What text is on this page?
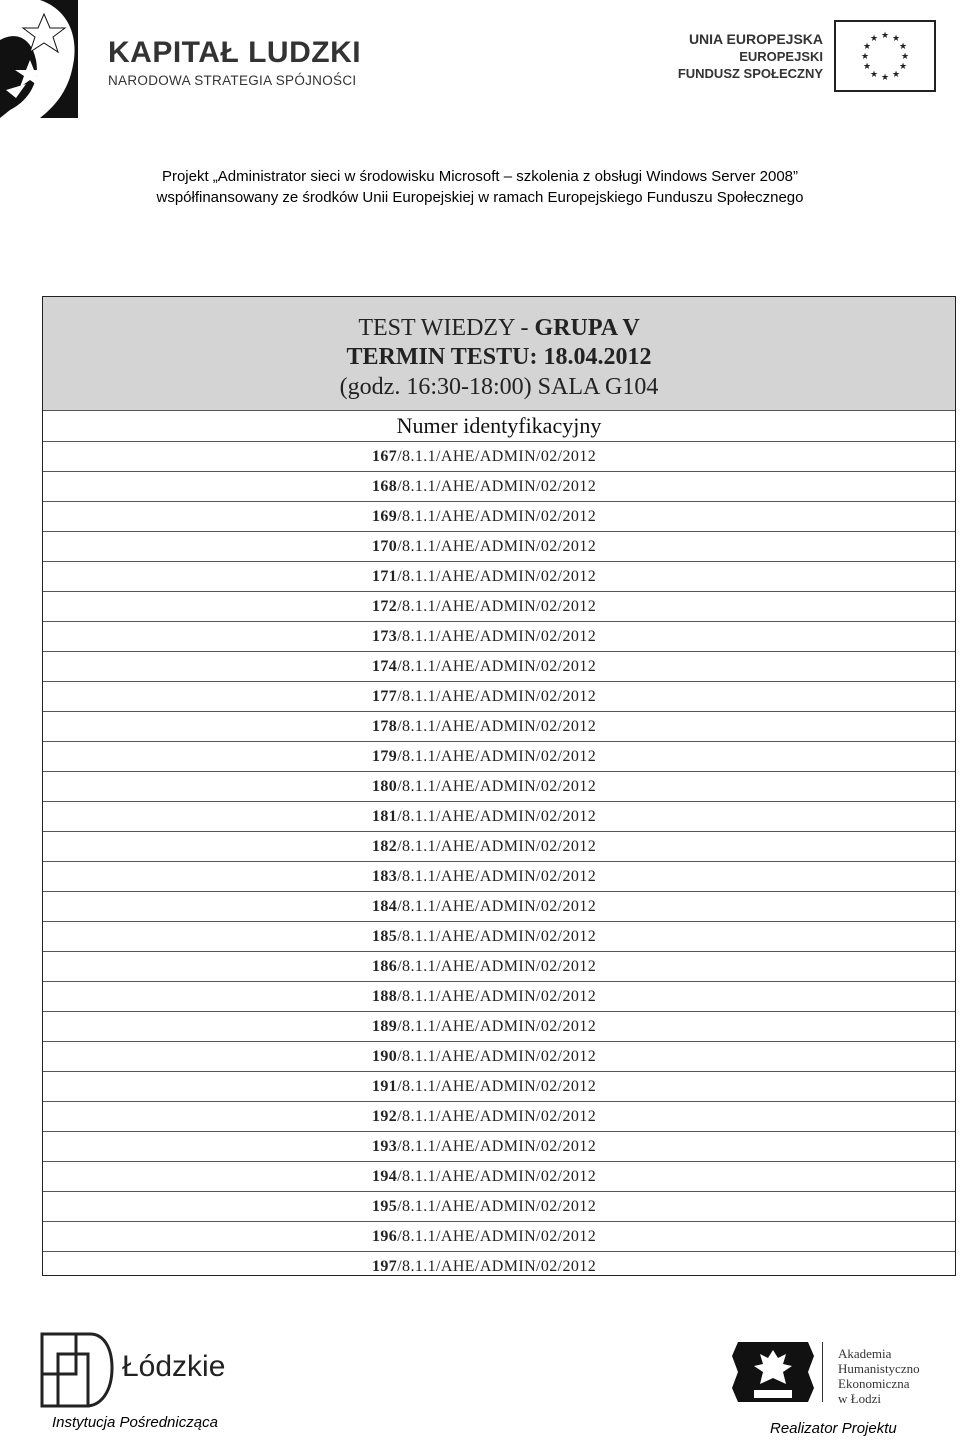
KAPITAŁ LUDZKI
NARODOWA STRATEGIA SPÓJNOŚCI
UNIA EUROPEJSKA
EUROPEJSKI
FUNDUSZ SPOŁECZNY
★ ★
★
★
★
★
★
★
★
★
★
★
Projekt „Administrator sieci w środowisku Microsoft – szkolenia z obsługi Windows Server 2008”
współfinansowany ze środków Unii Europejskiej w ramach Europejskiego Funduszu Społecznego
TEST WIEDZY - GRUPA V
TERMIN TESTU: 18.04.2012
(godz. 16:30-18:00) SALA G104
Numer identyfikacyjny
167/8.1.1/AHE/ADMIN/02/2012
168/8.1.1/AHE/ADMIN/02/2012
169/8.1.1/AHE/ADMIN/02/2012
170/8.1.1/AHE/ADMIN/02/2012
171/8.1.1/AHE/ADMIN/02/2012
172/8.1.1/AHE/ADMIN/02/2012
173/8.1.1/AHE/ADMIN/02/2012
174/8.1.1/AHE/ADMIN/02/2012
177/8.1.1/AHE/ADMIN/02/2012
178/8.1.1/AHE/ADMIN/02/2012
179/8.1.1/AHE/ADMIN/02/2012
180/8.1.1/AHE/ADMIN/02/2012
181/8.1.1/AHE/ADMIN/02/2012
182/8.1.1/AHE/ADMIN/02/2012
183/8.1.1/AHE/ADMIN/02/2012
184/8.1.1/AHE/ADMIN/02/2012
185/8.1.1/AHE/ADMIN/02/2012
186/8.1.1/AHE/ADMIN/02/2012
188/8.1.1/AHE/ADMIN/02/2012
189/8.1.1/AHE/ADMIN/02/2012
190/8.1.1/AHE/ADMIN/02/2012
191/8.1.1/AHE/ADMIN/02/2012
192/8.1.1/AHE/ADMIN/02/2012
193/8.1.1/AHE/ADMIN/02/2012
194/8.1.1/AHE/ADMIN/02/2012
195/8.1.1/AHE/ADMIN/02/2012
196/8.1.1/AHE/ADMIN/02/2012
197/8.1.1/AHE/ADMIN/02/2012
Łódzkie
Instytucja Pośrednicząca
Akademia
Humanistyczno
Ekonomiczna
w Łodzi
Realizator Projektu
